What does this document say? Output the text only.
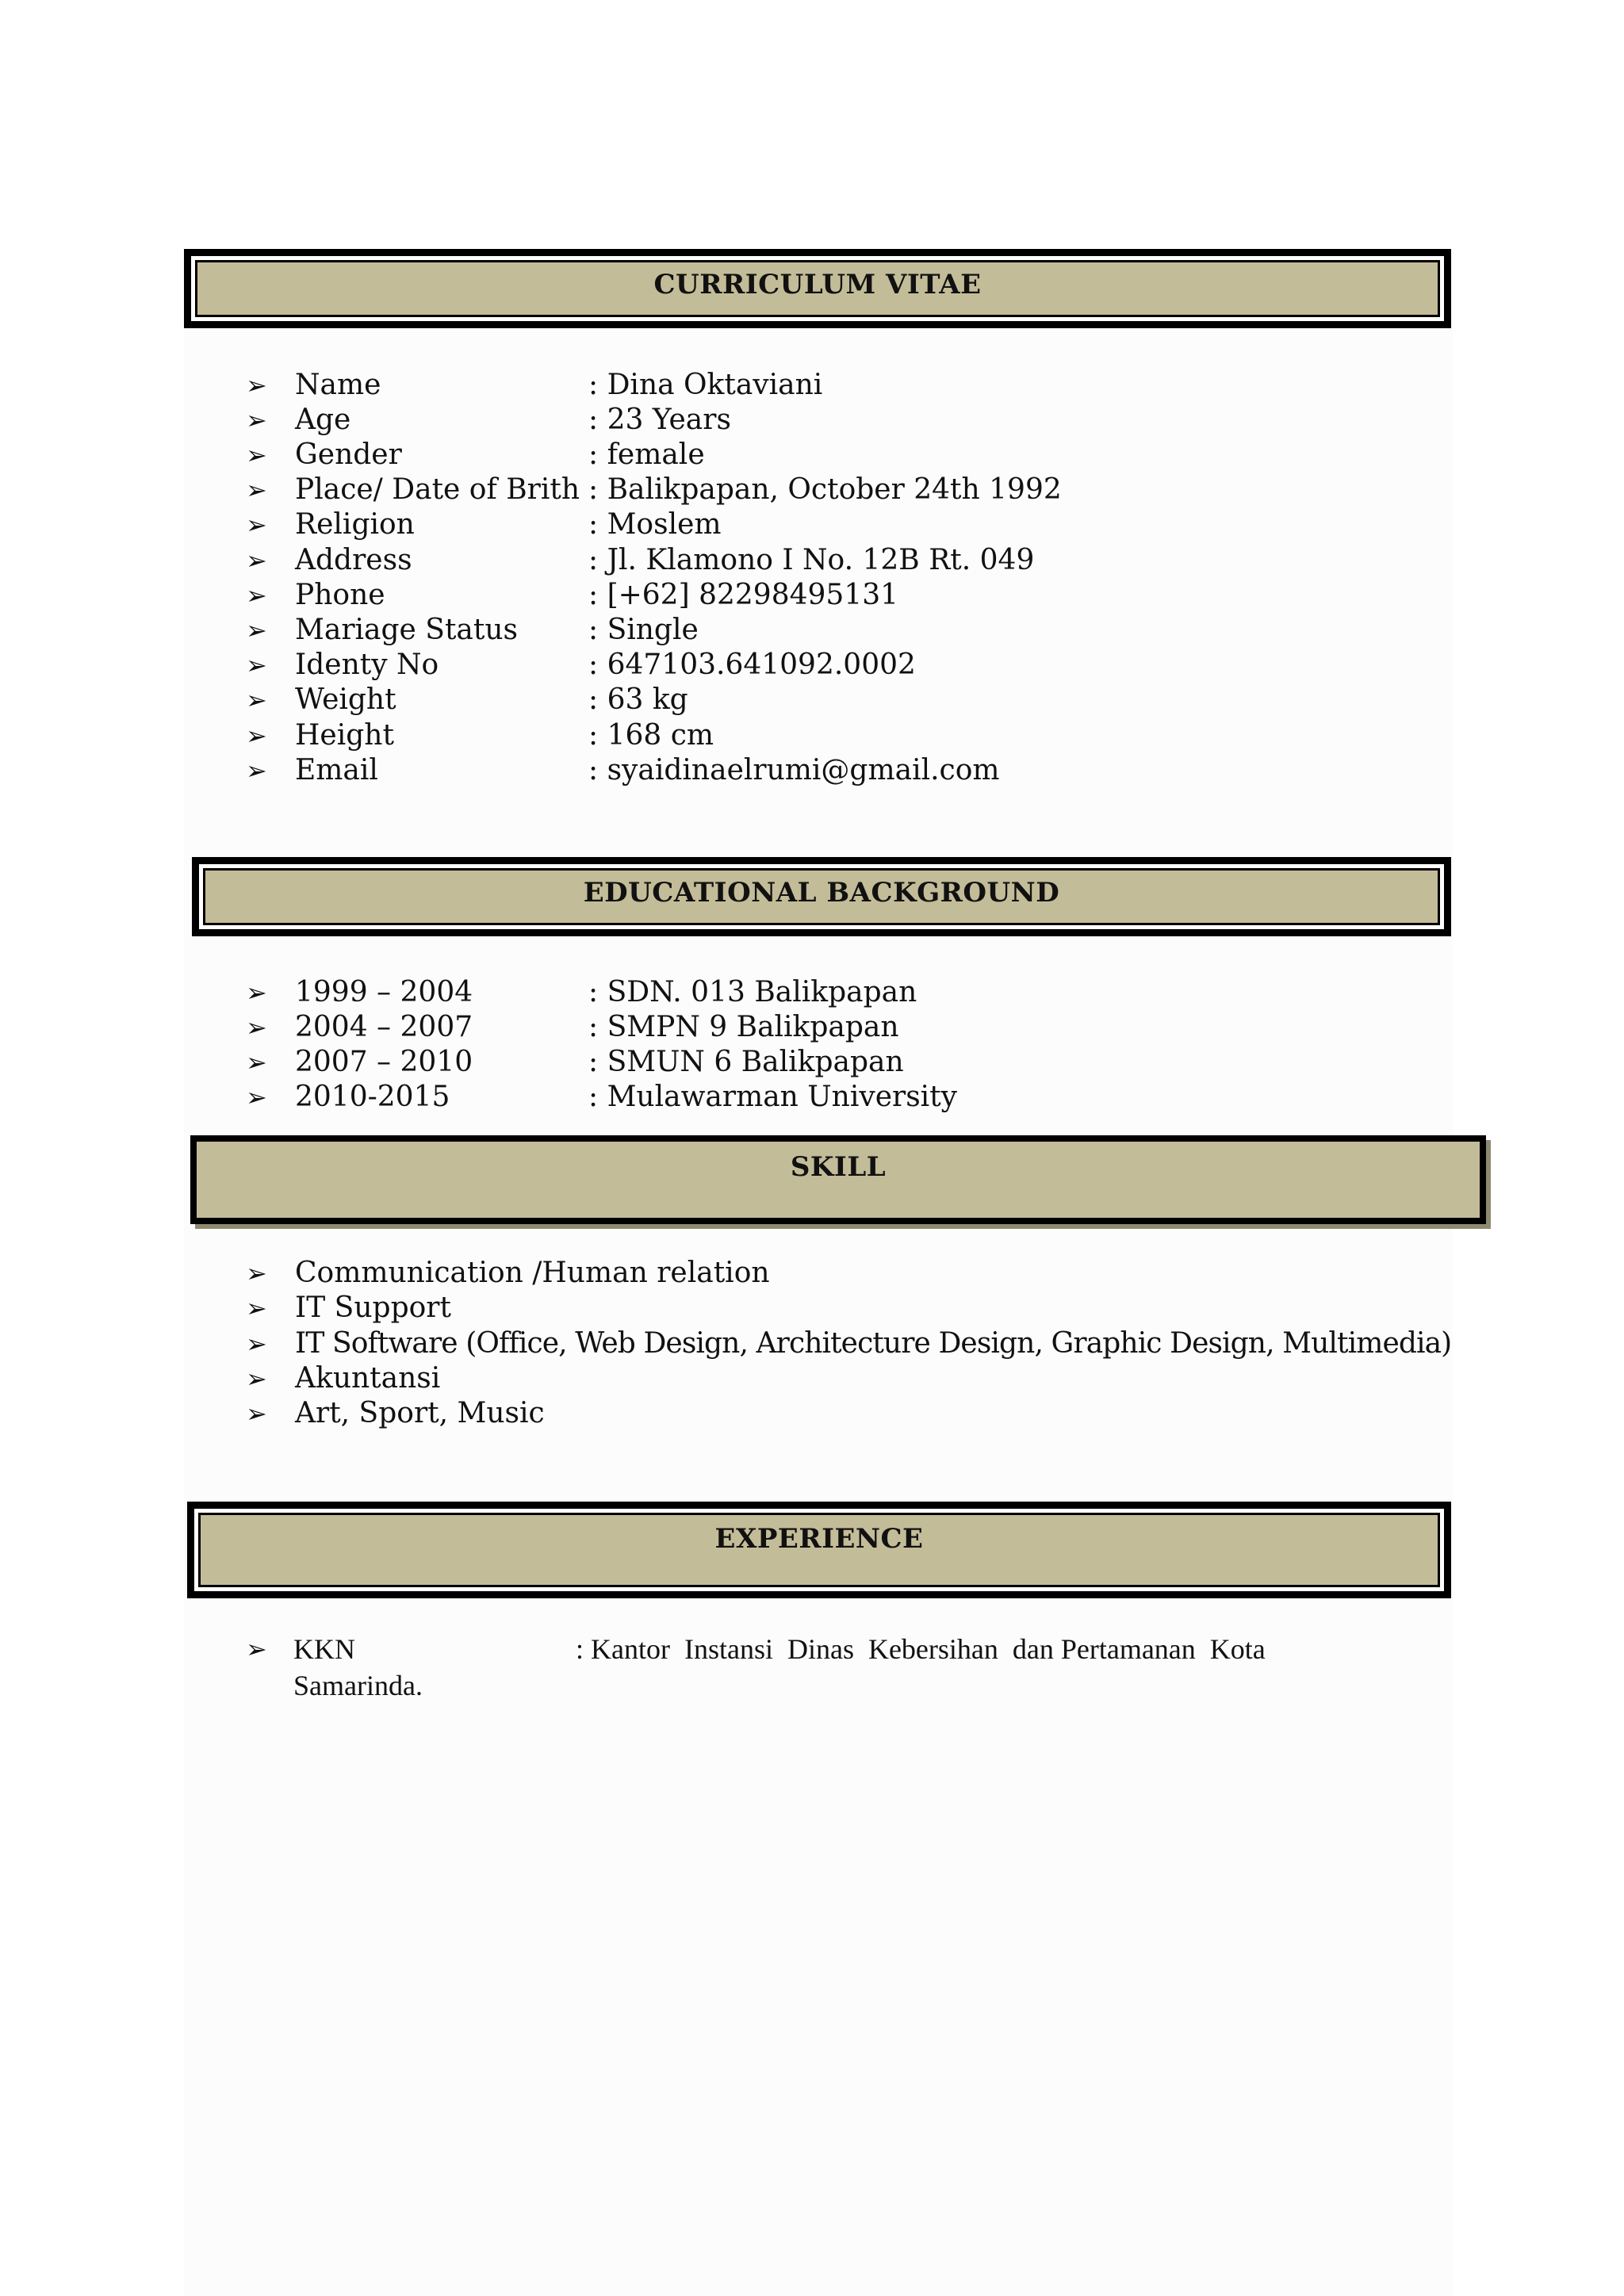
CURRICULUM VITAE
➢ Name	: Dina Oktaviani
➢ Age	: 23 Years
➢ Gender	: female
➢ Place/ Date of Brith : Balikpapan, October 24th 1992
➢ Religion	: Moslem
➢ Address	: Jl. Klamono I No. 12B Rt. 049
➢ Phone	: [+62] 82298495131
➢ Mariage Status : Single
➢ Identy No	: 647103.641092.0002
➢ Weight	: 63 kg
➢ Height	: 168 cm
➢ Email	: syaidinaelrumi@gmail.com
EDUCATIONAL BACKGROUND
➢ 1999 – 2004	: SDN. 013 Balikpapan
➢ 2004 – 2007	: SMPN 9 Balikpapan
➢ 2007 – 2010	: SMUN 6 Balikpapan
➢ 2010-2015	: Mulawarman University
SKILL
➢ Communication /Human relation
➢ IT Support
➢ IT Software (Office, Web Design, Architecture Design, Graphic Design, Multimedia)
➢ Akuntansi
➢ Art, Sport, Music
EXPERIENCE
➢ KKN	: Kantor  Instansi  Dinas  Kebersihan  dan Pertamanan  Kota
Samarinda.
